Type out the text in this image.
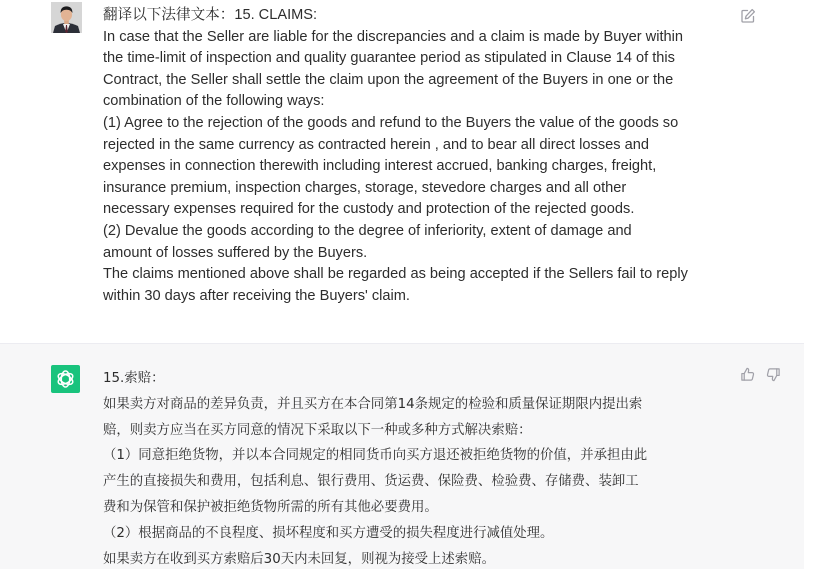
翻译以下法律文本：15. CLAIMS:
In case that the Seller are liable for the discrepancies and a claim is made by Buyer within
the time-limit of inspection and quality guarantee period as stipulated in Clause 14 of this
Contract, the Seller shall settle the claim upon the agreement of the Buyers in one or the
combination of the following ways:
(1) Agree to the rejection of the goods and refund to the Buyers the value of the goods so
rejected in the same currency as contracted herein , and to bear all direct losses and
expenses in connection therewith including interest accrued, banking charges, freight,
insurance premium, inspection charges, storage, stevedore charges and all other
necessary expenses required for the custody and protection of the rejected goods.
(2) Devalue the goods according to the degree of inferiority, extent of damage and
amount of losses suffered by the Buyers.
The claims mentioned above shall be regarded as being accepted if the Sellers fail to reply
within 30 days after receiving the Buyers' claim.
15.索赔：
如果卖方对商品的差异负责，并且买方在本合同第14条规定的检验和质量保证期限内提出索
赔，则卖方应当在买方同意的情况下采取以下一种或多种方式解决索赔：
（1）同意拒绝货物，并以本合同规定的相同货币向买方退还被拒绝货物的价值，并承担由此
产生的直接损失和费用，包括利息、银行费用、货运费、保险费、检验费、存储费、装卸工
费和为保管和保护被拒绝货物所需的所有其他必要费用。
（2）根据商品的不良程度、损坏程度和买方遭受的损失程度进行减值处理。
如果卖方在收到买方索赔后30天内未回复，则视为接受上述索赔。
